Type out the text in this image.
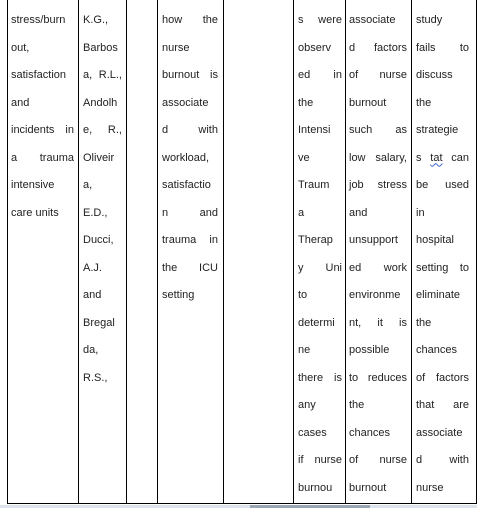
stress/burn
out,
satisfaction
and
incidents in
a trauma
intensive
care units
K.G.,
Barbos
a, R.L.,
Andolh
e, R.,
Oliveir
a,
E.D.,
Ducci,
A.J.
and
Bregal
da,
R.S.,
how the
nurse
burnout is
associate
d with
workload,
satisfactio
n and
trauma in
the ICU
setting
s were
observ
ed in
the
Intensi
ve
Traum
a
Therap
y Uni
to
determi
ne
there is
any
cases
if nurse
burnou
associate
d factors
of nurse
burnout
such as
low salary,
job stress
and
unsupport
ed work
environme
nt, it is
possible
to reduces
the
chances
of nurse
burnout
study
fails to
discuss
the
strategie
s tat can
be used
in
hospital
setting to
eliminate
the
chances
of factors
that are
associate
d with
nurse
